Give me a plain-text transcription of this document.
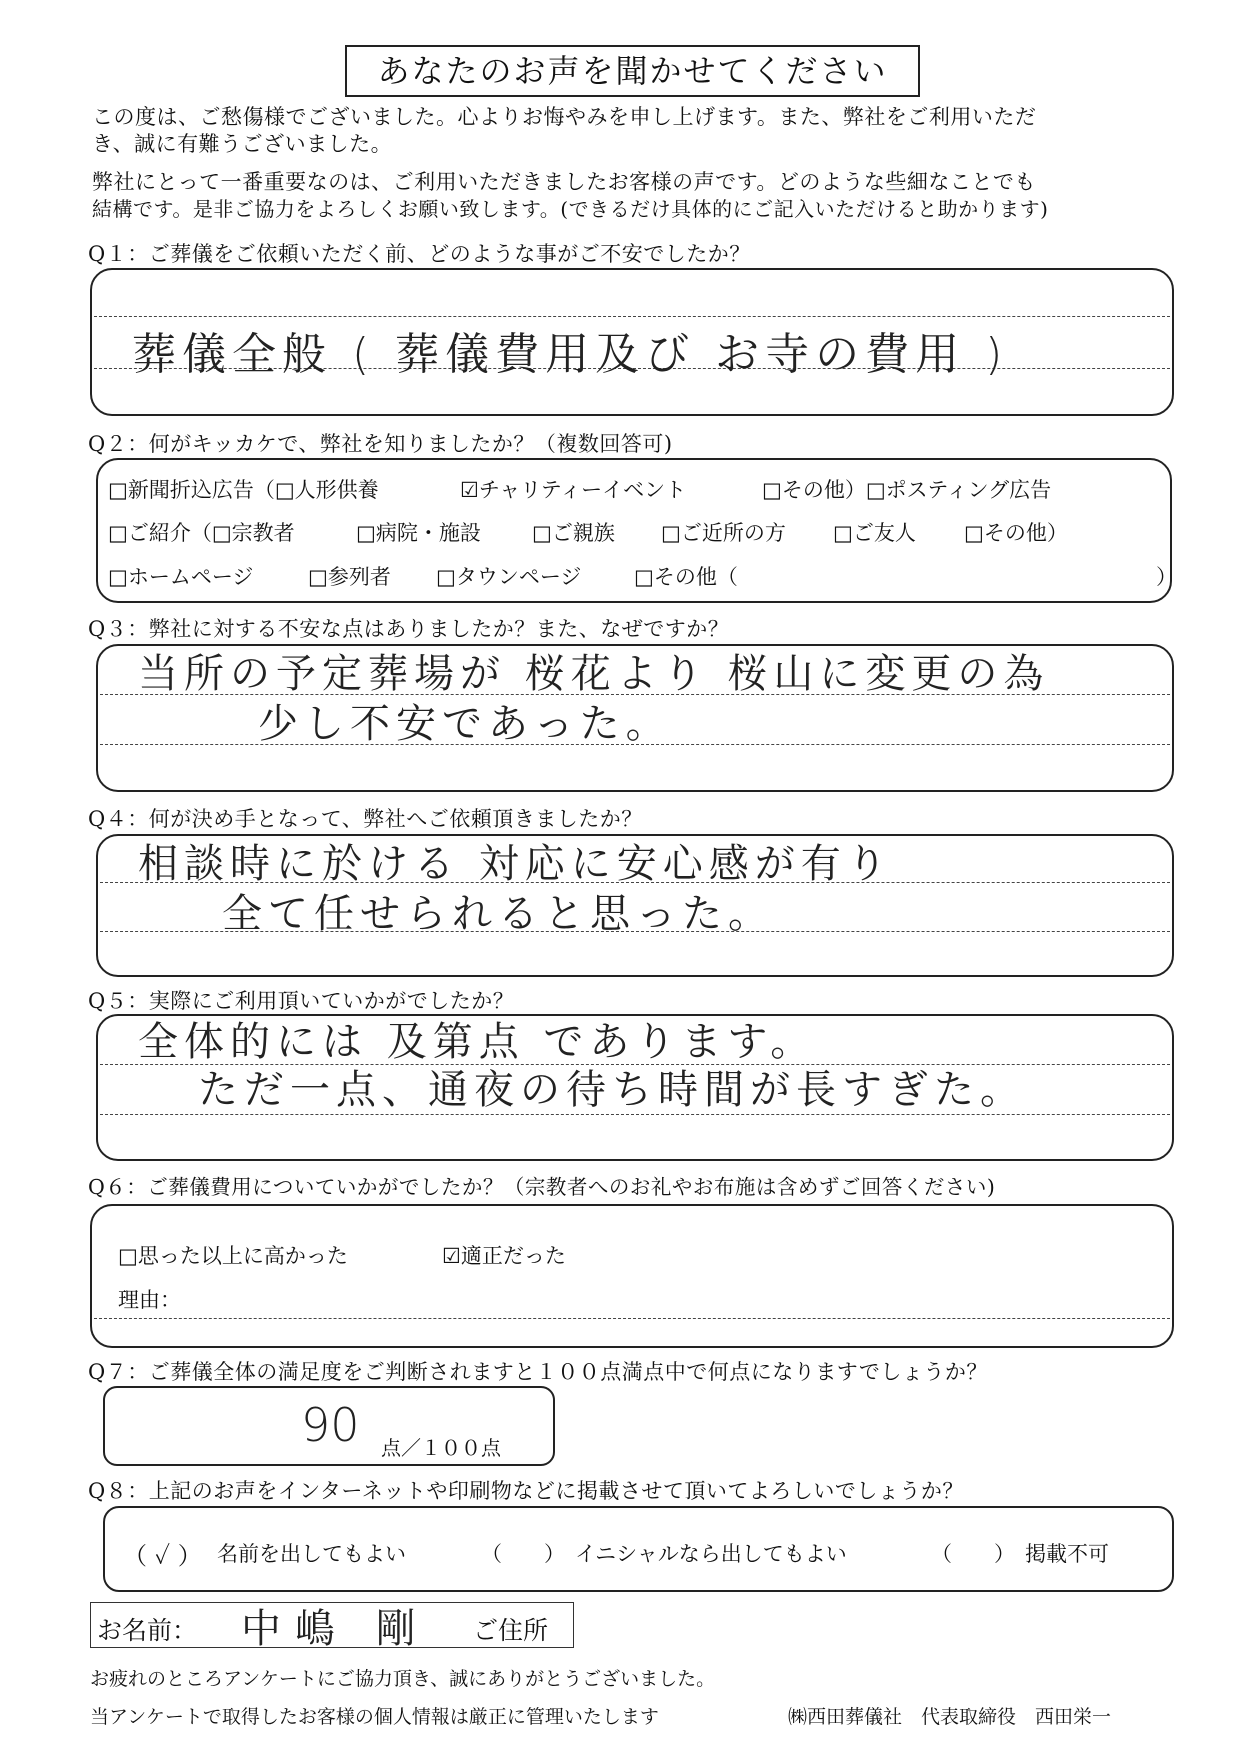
あなたのお声を聞かせてください
この度は、ご愁傷様でございました。心よりお悔やみを申し上げます。また、弊社をご利用いただ
き、誠に有難うございました。
弊社にとって一番重要なのは、ご利用いただきましたお客様の声です。どのような些細なことでも
結構です。是非ご協力をよろしくお願い致します。(できるだけ具体的にご記入いただけると助かります)
Q１：ご葬儀をご依頼いただく前、どのような事がご不安でしたか？
葬儀全般 ( 葬儀費用及び お寺の費用 )
Q２：何がキッカケで、弊社を知りましたか？（複数回答可)
□新聞折込広告（□人形供養	☑チャリティーイベント	□その他）□ポスティング広告
□ご紹介（□宗教者	□病院・施設 □ご親族 □ご近所の方 □ご友人 □その他）
□ホームページ	□参列者 □タウンページ	□その他（	）
Q３：弊社に対する不安な点はありましたか？また、なぜですか？
当所の予定葬場が 桜花より 桜山に変更の為
少し不安であった。
Q４：何が決め手となって、弊社へご依頼頂きましたか？
相談時に於ける 対応に安心感が有り
全て任せられると思った。
Q５：実際にご利用頂いていかがでしたか？
全体的には 及第点 であります。
ただ一点、通夜の待ち時間が長すぎた。
Q６：ご葬儀費用についていかがでしたか？（宗教者へのお礼やお布施は含めずご回答ください)
□思った以上に高かった	☑適正だった
理由：
Q７：ご葬儀全体の満足度をご判断されますと１００点満点中で何点になりますでしょうか？
90 点／１００点
Q８：上記のお声をインターネットや印刷物などに掲載させて頂いてよろしいでしょうか？
（ ✓ ） 名前を出してもよい	（　　） イニシャルなら出してもよい	（　　） 掲載不可
お名前： 中嶋 剛 ご住所
お疲れのところアンケートにご協力頂き、誠にありがとうございました。
当アンケートで取得したお客様の個人情報は厳正に管理いたします	㈱西田葬儀社　代表取締役　西田栄一
